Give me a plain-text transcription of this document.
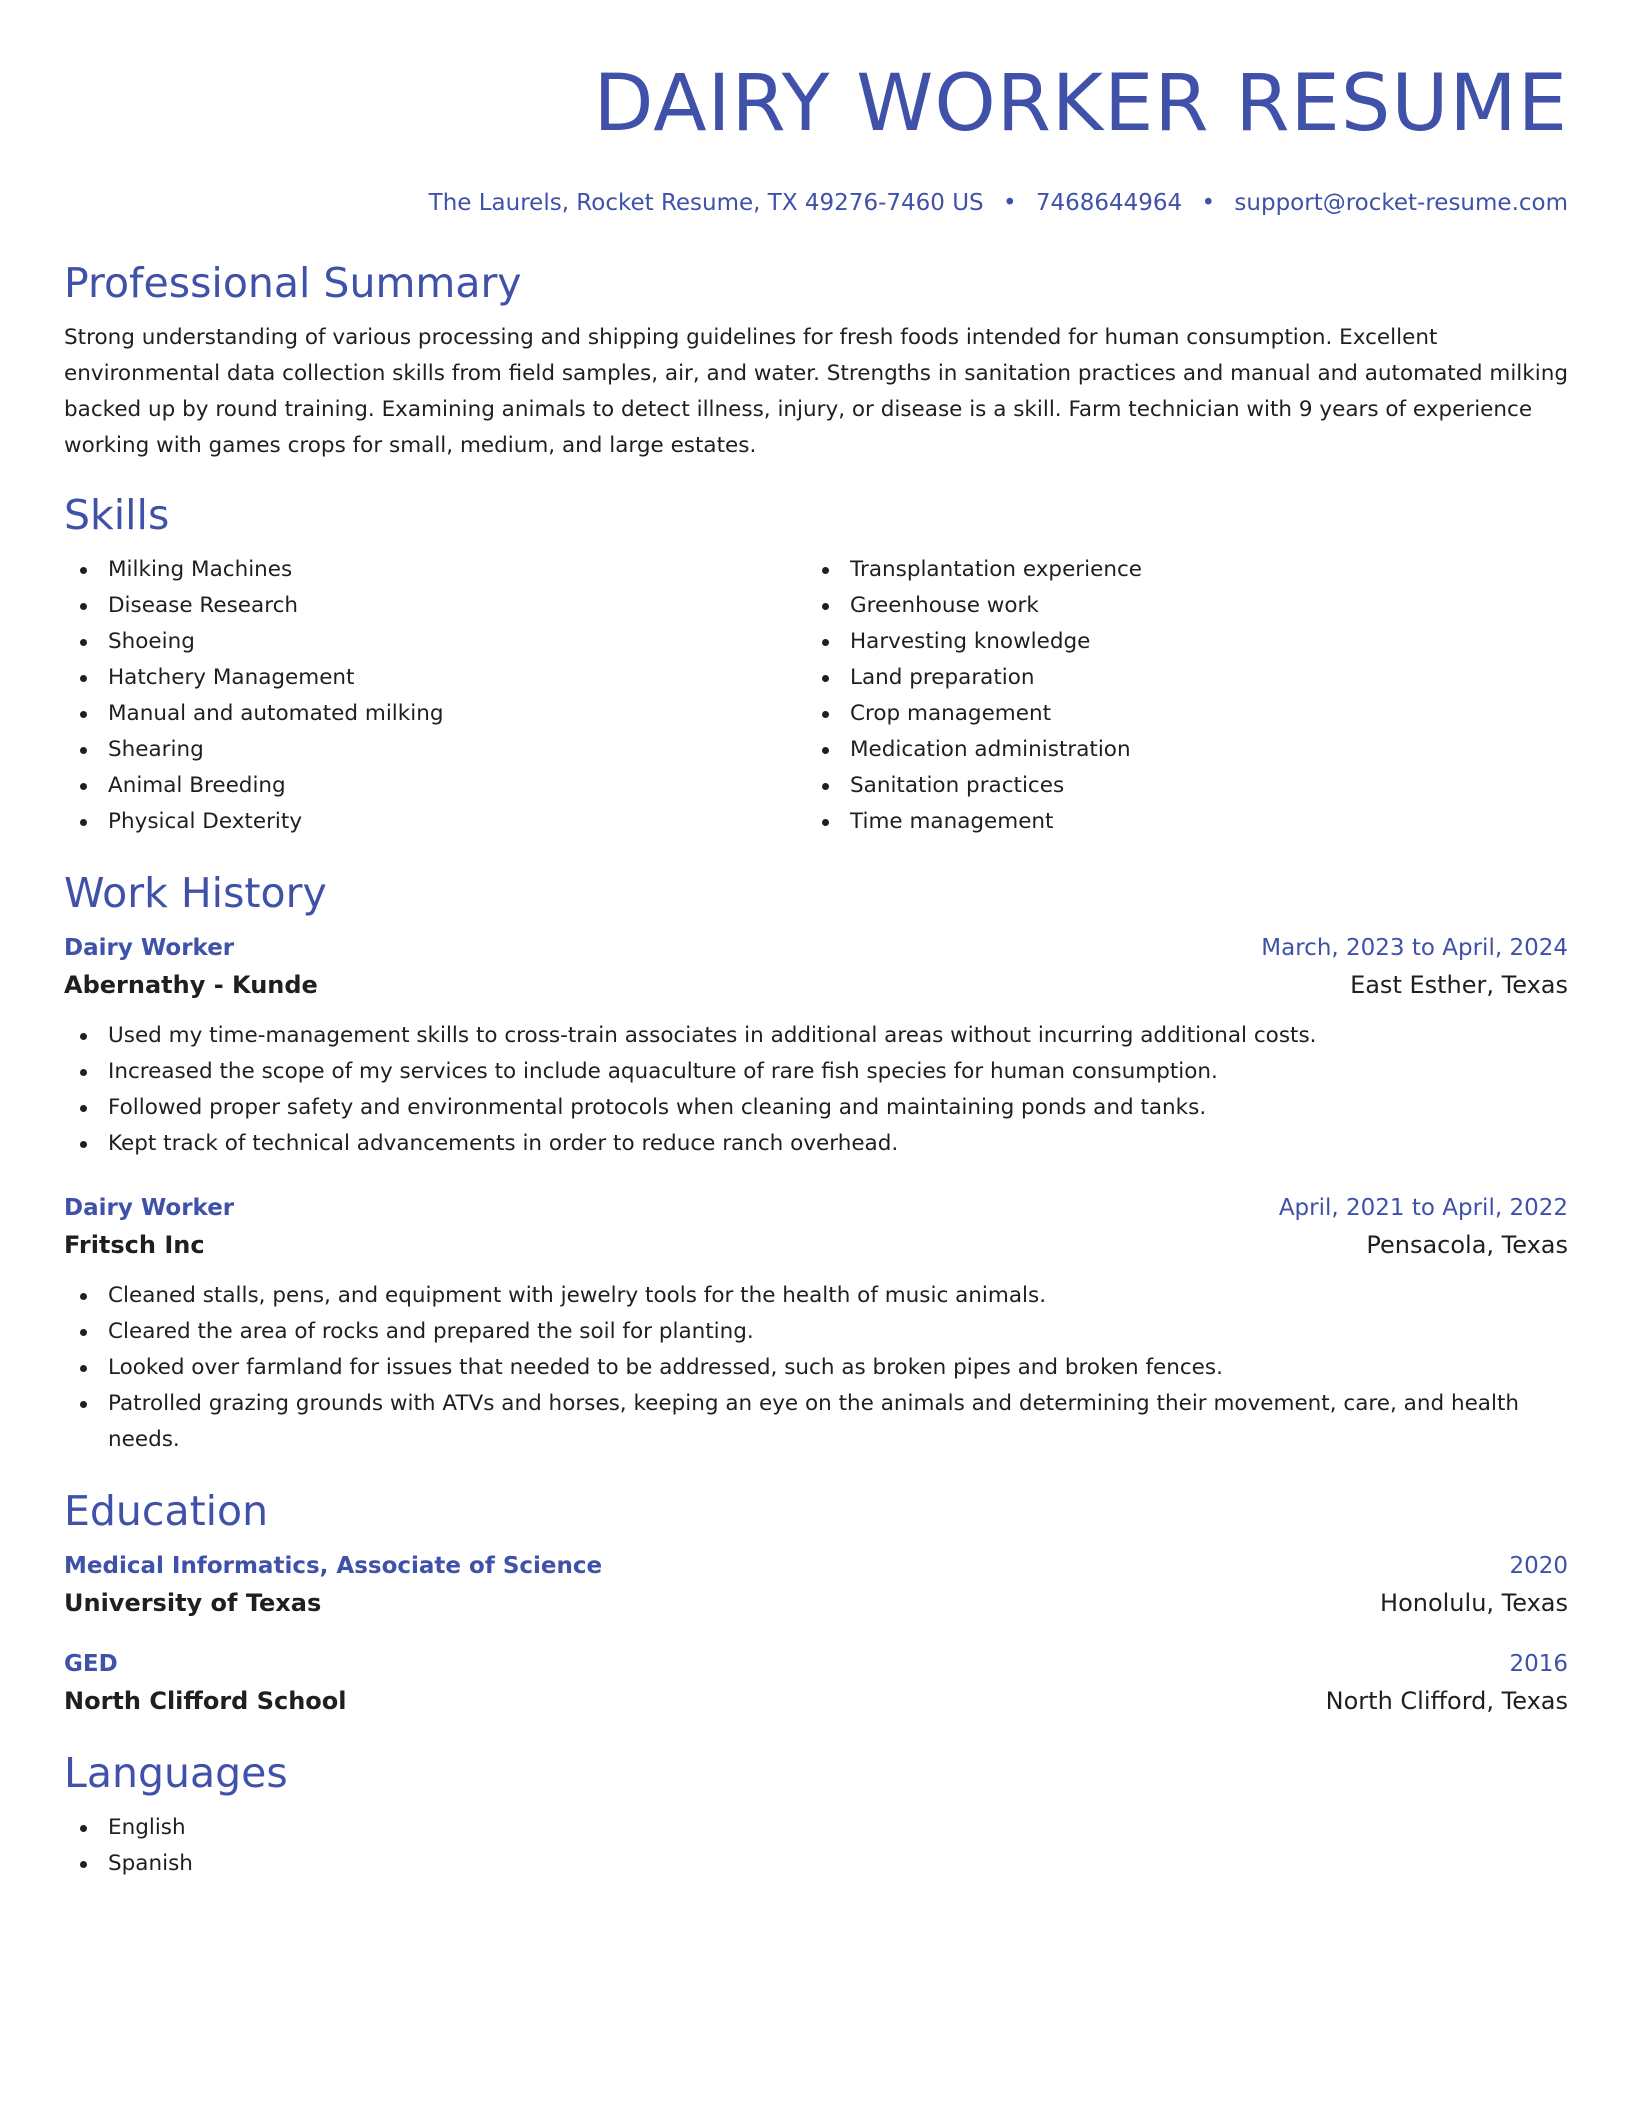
DAIRY WORKER RESUME
The Laurels, Rocket Resume, TX 49276-7460 US • 7468644964 • support@rocket-resume.com
Professional Summary
Strong understanding of various processing and shipping guidelines for fresh foods intended for human consumption. Excellent environmental data collection skills from field samples, air, and water. Strengths in sanitation practices and manual and automated milking backed up by round training. Examining animals to detect illness, injury, or disease is a skill. Farm technician with 9 years of experience working with games crops for small, medium, and large estates.
Skills
Milking Machines
Disease Research
Shoeing
Hatchery Management
Manual and automated milking
Shearing
Animal Breeding
Physical Dexterity
Transplantation experience
Greenhouse work
Harvesting knowledge
Land preparation
Crop management
Medication administration
Sanitation practices
Time management
Work History
Dairy Worker	March, 2023 to April, 2024
Abernathy - Kunde	East Esther, Texas
Used my time-management skills to cross-train associates in additional areas without incurring additional costs.
Increased the scope of my services to include aquaculture of rare fish species for human consumption.
Followed proper safety and environmental protocols when cleaning and maintaining ponds and tanks.
Kept track of technical advancements in order to reduce ranch overhead.
Dairy Worker	April, 2021 to April, 2022
Fritsch Inc	Pensacola, Texas
Cleaned stalls, pens, and equipment with jewelry tools for the health of music animals.
Cleared the area of rocks and prepared the soil for planting.
Looked over farmland for issues that needed to be addressed, such as broken pipes and broken fences.
Patrolled grazing grounds with ATVs and horses, keeping an eye on the animals and determining their movement, care, and health needs.
Education
Medical Informatics, Associate of Science	2020
University of Texas	Honolulu, Texas
GED	2016
North Clifford School	North Clifford, Texas
Languages
English
Spanish
